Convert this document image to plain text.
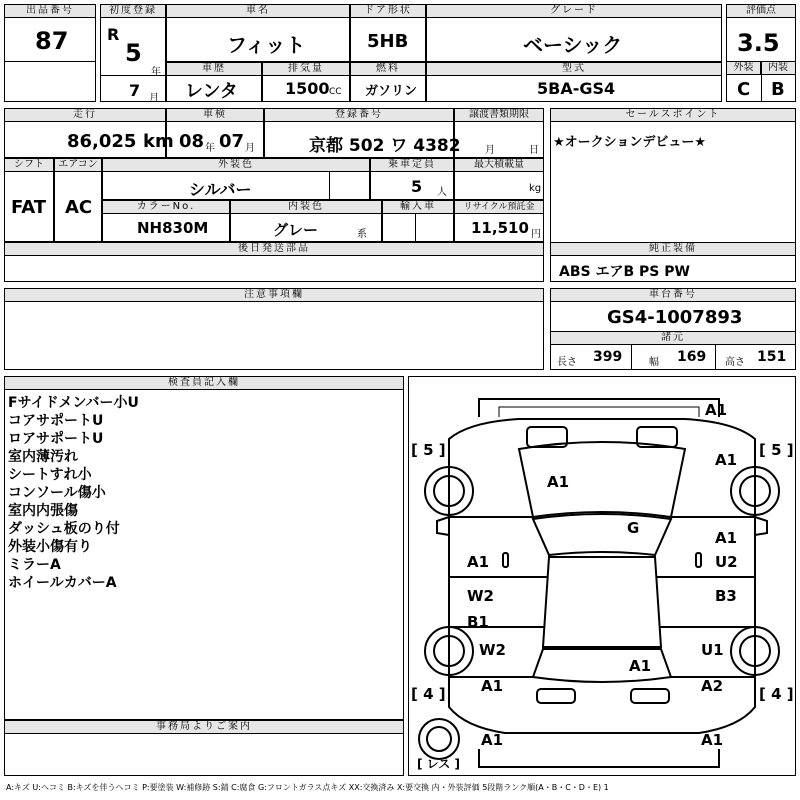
出品番号
87
初度登録
R
5
年
7 月
車名
フィット
ドア形状
5HB
グレード
ベーシック
評価点
3.5
外装	内装
C B
車歴
レンタ
排気量
1500 CC
燃料
ガソリン
型式
5BA-GS4
走行
86,025 km
車検
08 年 07 月
登録番号
京都 502 ワ 4382
譲渡書類期限
月	日
セールスポイント
★オークションデビュー★
シフト
FAT
エアコン
AC
外装色
シルバー
乗車定員
5 人
最大積載量
kg
カラーNo.
NH830M
内装色
グレー	系
輸入車	リサイクル預託金
11,510 円
後日発送部品	純正装備
ABS エアB PS PW
注意事項欄	車台番号
GS4-1007893
諸元
長さ 399	幅 169 高さ 151
検査員記入欄
Fサイドメンバー小U
コアサポートU
ロアサポートU
室内薄汚れ
シートすれ小
コンソール傷小
室内内張傷
ダッシュ板のり付
外装小傷有り
ミラーA
ホイールカバーA
事務局よりご案内
[ 5 ]	[ 5 ]
[ 4 ]	[ 4 ]
[ レス ]
A1
A1
A1
G
A1
A1
U2
W2
B1
B3
W2	U1
A1
A1	A2
A1	A1
A:キズ U:ヘコミ B:キズを伴うヘコミ P:要塗装 W:補修跡 S:錆 C:腐食 G:フロントガラス点キズ XX:交換済み X:要交換 内・外装評価 5段階ランク順(A・B・C・D・E) 1
